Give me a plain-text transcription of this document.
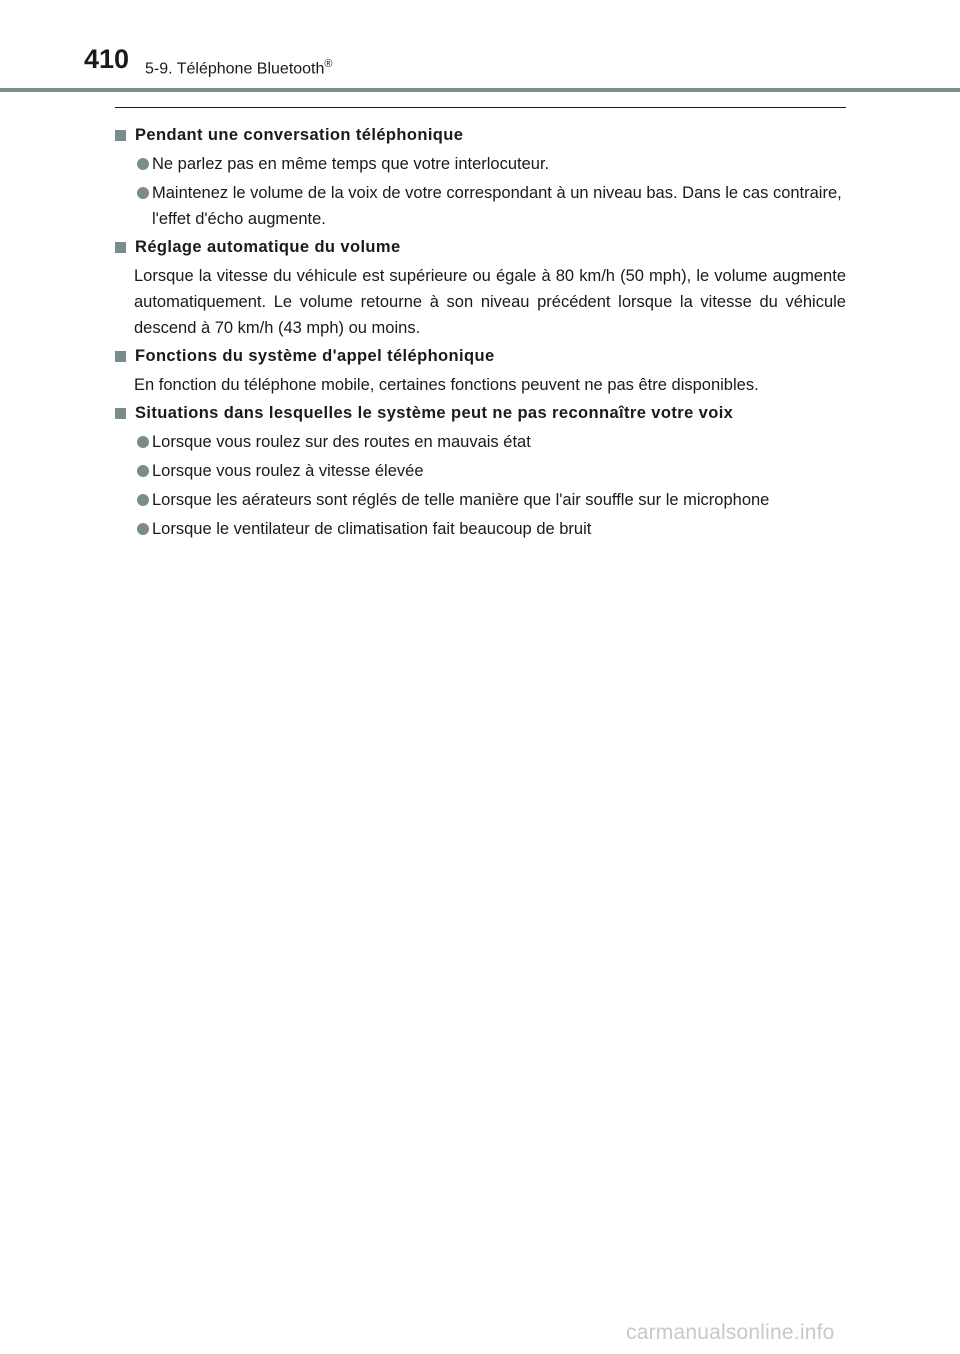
410 5-9. Téléphone Bluetooth®
Pendant une conversation téléphonique
Ne parlez pas en même temps que votre interlocuteur.
Maintenez le volume de la voix de votre correspondant à un niveau bas. Dans le cas contraire, l'effet d'écho augmente.
Réglage automatique du volume
Lorsque la vitesse du véhicule est supérieure ou égale à 80 km/h (50 mph), le volume augmente automatiquement. Le volume retourne à son niveau précédent lorsque la vitesse du véhicule descend à 70 km/h (43 mph) ou moins.
Fonctions du système d'appel téléphonique
En fonction du téléphone mobile, certaines fonctions peuvent ne pas être disponibles.
Situations dans lesquelles le système peut ne pas reconnaître votre voix
Lorsque vous roulez sur des routes en mauvais état
Lorsque vous roulez à vitesse élevée
Lorsque les aérateurs sont réglés de telle manière que l'air souffle sur le microphone
Lorsque le ventilateur de climatisation fait beaucoup de bruit
carmanualsonline.info
